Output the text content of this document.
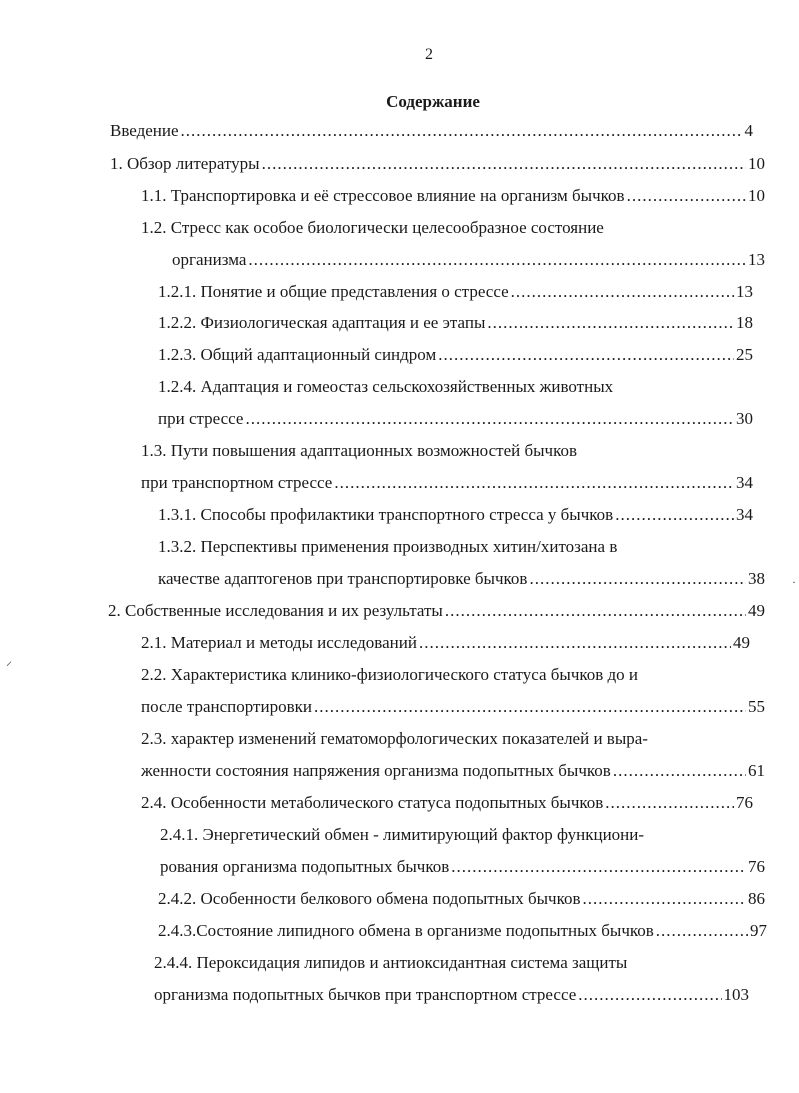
2
Содержание
Введение .....	4
1. Обзор литературы .....	10
1.1. Транспортировка и её стрессовое влияние на организм бычков .....	10
1.2. Стресс как особое биологически целесообразное состояние
организма .....	13
1.2.1. Понятие и общие представления о стрессе .....	13
1.2.2. Физиологическая адаптация и ее этапы .....	18
1.2.3. Общий адаптационный синдром .....	25
1.2.4. Адаптация и гомеостаз сельскохозяйственных животных
при стрессе .....	30
1.3. Пути повышения адаптационных возможностей бычков
при транспортном стрессе .....	34
1.3.1. Способы профилактики транспортного стресса у бычков .....	34
1.3.2. Перспективы применения производных хитин/хитозана в
качестве адаптогенов при транспортировке бычков .....	38
2. Собственные исследования и их результаты .....	49
2.1. Материал и методы исследований .....	49
2.2. Характеристика клинико-физиологического статуса бычков до и
после транспортировки .....	55
2.3. характер изменений гематоморфологических показателей и выра-
женности состояния напряжения организма подопытных бычков .....	61
2.4. Особенности метаболического статуса подопытных бычков .....	76
2.4.1. Энергетический обмен - лимитирующий фактор функциони-
рования организма подопытных бычков .....	76
2.4.2. Особенности белкового обмена подопытных бычков .....	86
2.4.3.Состояние липидного обмена в организме подопытных бычков .....	97
2.4.4. Пероксидация липидов и антиоксидантная система защиты
организма подопытных бычков при транспортном стрессе .....	103
⸝
·
